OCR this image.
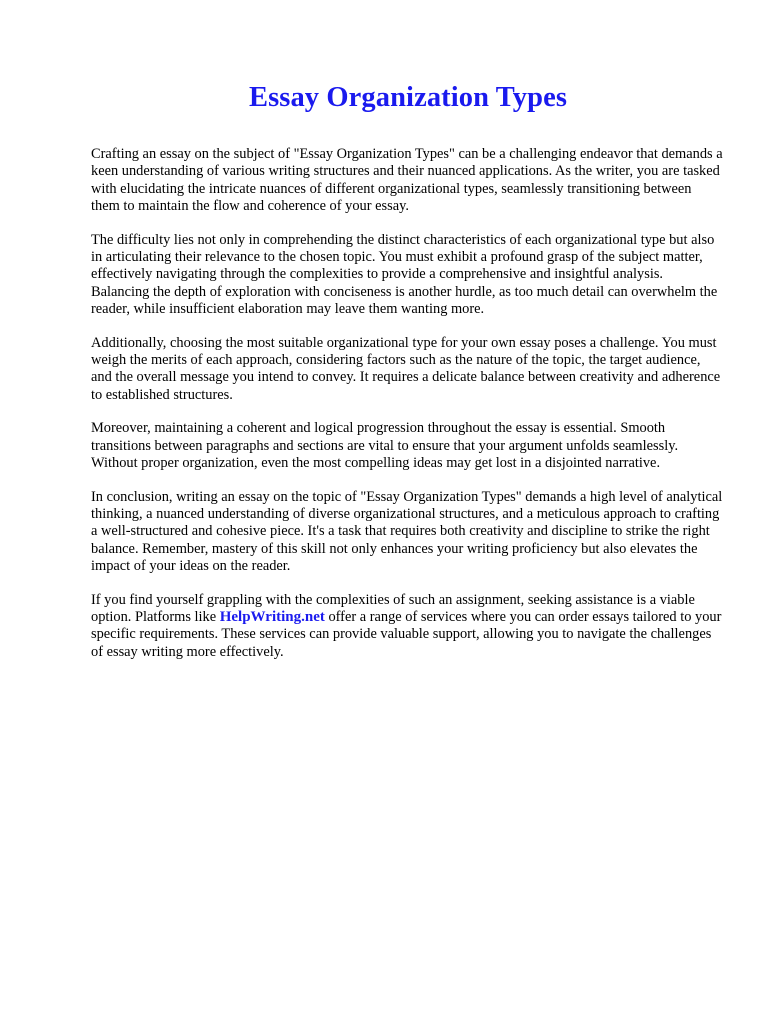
Essay Organization Types

Crafting an essay on the subject of "Essay Organization Types" can be a challenging endeavor that demands a keen understanding of various writing structures and their nuanced applications. As the writer, you are tasked with elucidating the intricate nuances of different organizational types, seamlessly transitioning between them to maintain the flow and coherence of your essay.

The difficulty lies not only in comprehending the distinct characteristics of each organizational type but also in articulating their relevance to the chosen topic. You must exhibit a profound grasp of the subject matter, effectively navigating through the complexities to provide a comprehensive and insightful analysis. Balancing the depth of exploration with conciseness is another hurdle, as too much detail can overwhelm the reader, while insufficient elaboration may leave them wanting more.

Additionally, choosing the most suitable organizational type for your own essay poses a challenge. You must weigh the merits of each approach, considering factors such as the nature of the topic, the target audience, and the overall message you intend to convey. It requires a delicate balance between creativity and adherence to established structures.

Moreover, maintaining a coherent and logical progression throughout the essay is essential. Smooth transitions between paragraphs and sections are vital to ensure that your argument unfolds seamlessly. Without proper organization, even the most compelling ideas may get lost in a disjointed narrative.

In conclusion, writing an essay on the topic of "Essay Organization Types" demands a high level of analytical thinking, a nuanced understanding of diverse organizational structures, and a meticulous approach to crafting a well-structured and cohesive piece. It's a task that requires both creativity and discipline to strike the right balance. Remember, mastery of this skill not only enhances your writing proficiency but also elevates the impact of your ideas on the reader.

If you find yourself grappling with the complexities of such an assignment, seeking assistance is a viable option. Platforms like HelpWriting.net offer a range of services where you can order essays tailored to your specific requirements. These services can provide valuable support, allowing you to navigate the challenges of essay writing more effectively.
